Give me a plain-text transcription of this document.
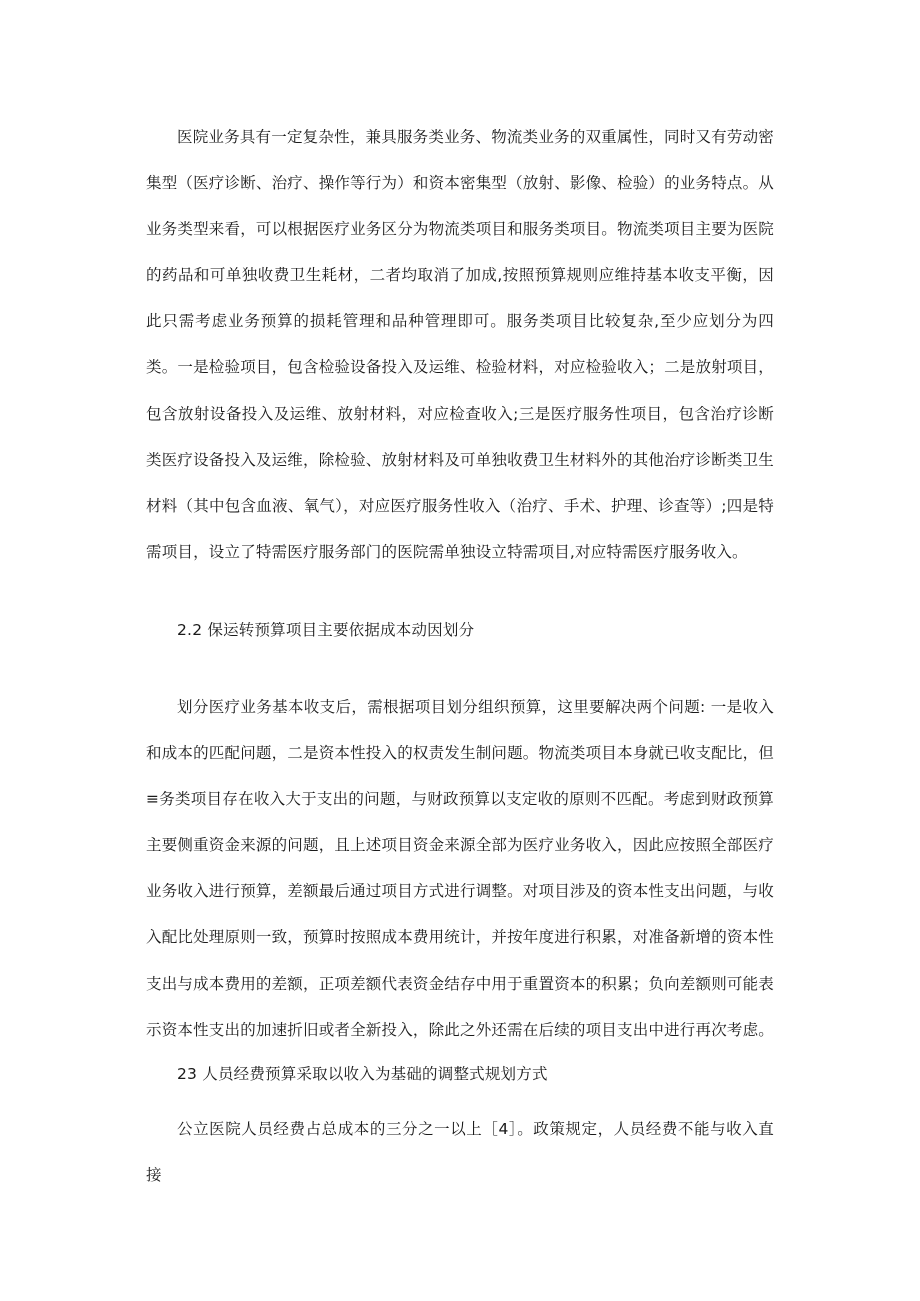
医院业务具有一定复杂性，兼具服务类业务、物流类业务的双重属性，同时又有劳动密集型（医疗诊断、治疗、操作等行为）和资本密集型（放射、影像、检验）的业务特点。从业务类型来看，可以根据医疗业务区分为物流类项目和服务类项目。物流类项目主要为医院的药品和可单独收费卫生耗材，二者均取消了加成,按照预算规则应维持基本收支平衡，因此只需考虑业务预算的损耗管理和品种管理即可。服务类项目比较复杂,至少应划分为四类。一是检验项目，包含检验设备投入及运维、检验材料，对应检验收入；二是放射项目，包含放射设备投入及运维、放射材料，对应检查收入;三是医疗服务性项目，包含治疗诊断类医疗设备投入及运维，除检验、放射材料及可单独收费卫生材料外的其他治疗诊断类卫生材料（其中包含血液、氧气），对应医疗服务性收入（治疗、手术、护理、诊查等）;四是特需项目，设立了特需医疗服务部门的医院需单独设立特需项目,对应特需医疗服务收入。

2.2 保运转预算项目主要依据成本动因划分

划分医疗业务基本收支后，需根据项目划分组织预算，这里要解决两个问题: 一是收入和成本的匹配问题，二是资本性投入的权责发生制问题。物流类项目本身就已收支配比，但≡务类项目存在收入大于支出的问题，与财政预算以支定收的原则不匹配。考虑到财政预算主要侧重资金来源的问题，且上述项目资金来源全部为医疗业务收入，因此应按照全部医疗业务收入进行预算，差额最后通过项目方式进行调整。对项目涉及的资本性支出问题，与收入配比处理原则一致，预算时按照成本费用统计，并按年度进行积累，对准备新增的资本性支出与成本费用的差额，正项差额代表资金结存中用于重置资本的积累；负向差额则可能表示资本性支出的加速折旧或者全新投入，除此之外还需在后续的项目支出中进行再次考虑。

23 人员经费预算采取以收入为基础的调整式规划方式

公立医院人员经费占总成本的三分之一以上［4］。政策规定，人员经费不能与收入直接
